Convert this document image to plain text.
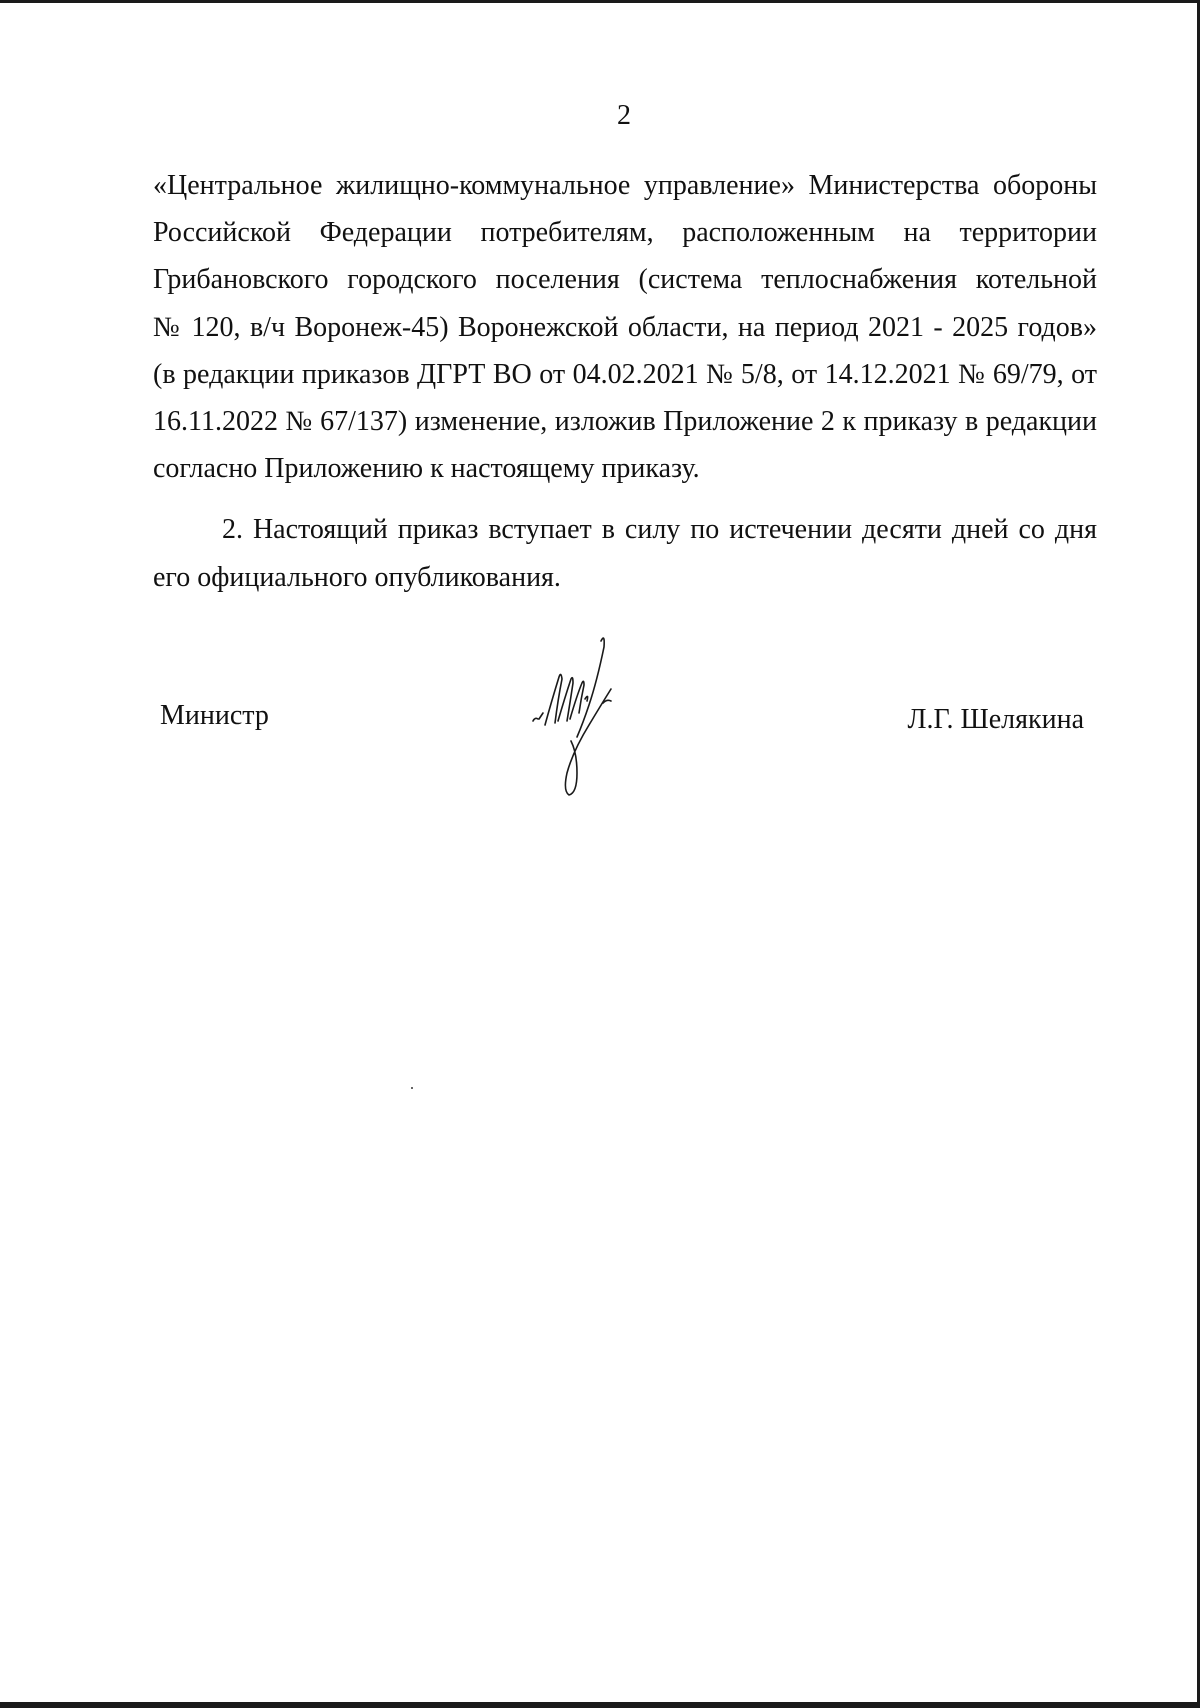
2

«Центральное жилищно-коммунальное управление» Министерства обороны
Российской Федерации потребителям, расположенным на территории
Грибановского городского поселения (система теплоснабжения котельной
№ 120, в/ч Воронеж-45) Воронежской области, на период 2021 - 2025 годов»
(в редакции приказов ДГРТ ВО от 04.02.2021 № 5/8, от 14.12.2021 № 69/79, от
16.11.2022 № 67/137) изменение, изложив Приложение 2 к приказу в редакции
согласно Приложению к настоящему приказу.

2. Настоящий приказ вступает в силу по истечении десяти дней со дня
его официального опубликования.

Министр	Л.Г. Шелякина
